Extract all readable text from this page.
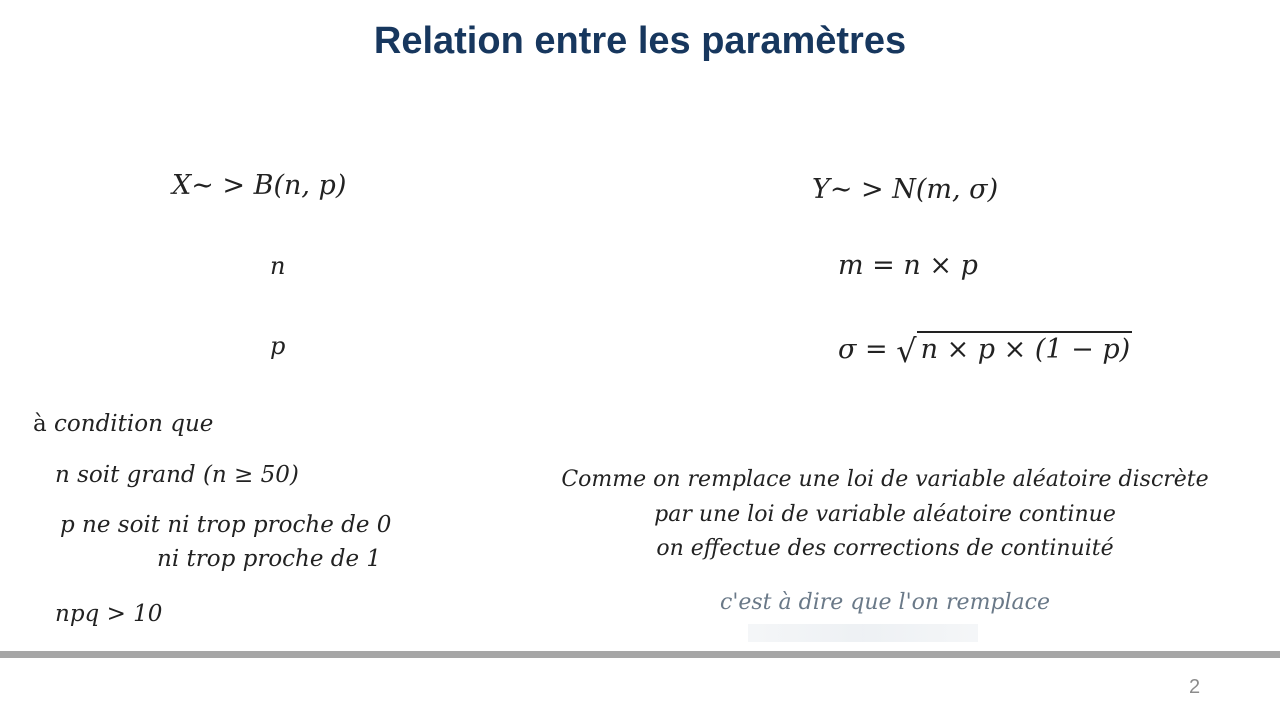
Relation entre les paramètres
X∼ > B(n, p)
n
p
à condition que
n soit grand (n ≥ 50)
p ne soit ni trop proche de 0
ni trop proche de 1
npq > 10
Y∼ > N(m, σ)
m = n × p
σ = √ n × p × (1 − p)
Comme on remplace une loi de variable aléatoire discrète
par une loi de variable aléatoire continue
on effectue des corrections de continuité
c'est à dire que l'on remplace
2
